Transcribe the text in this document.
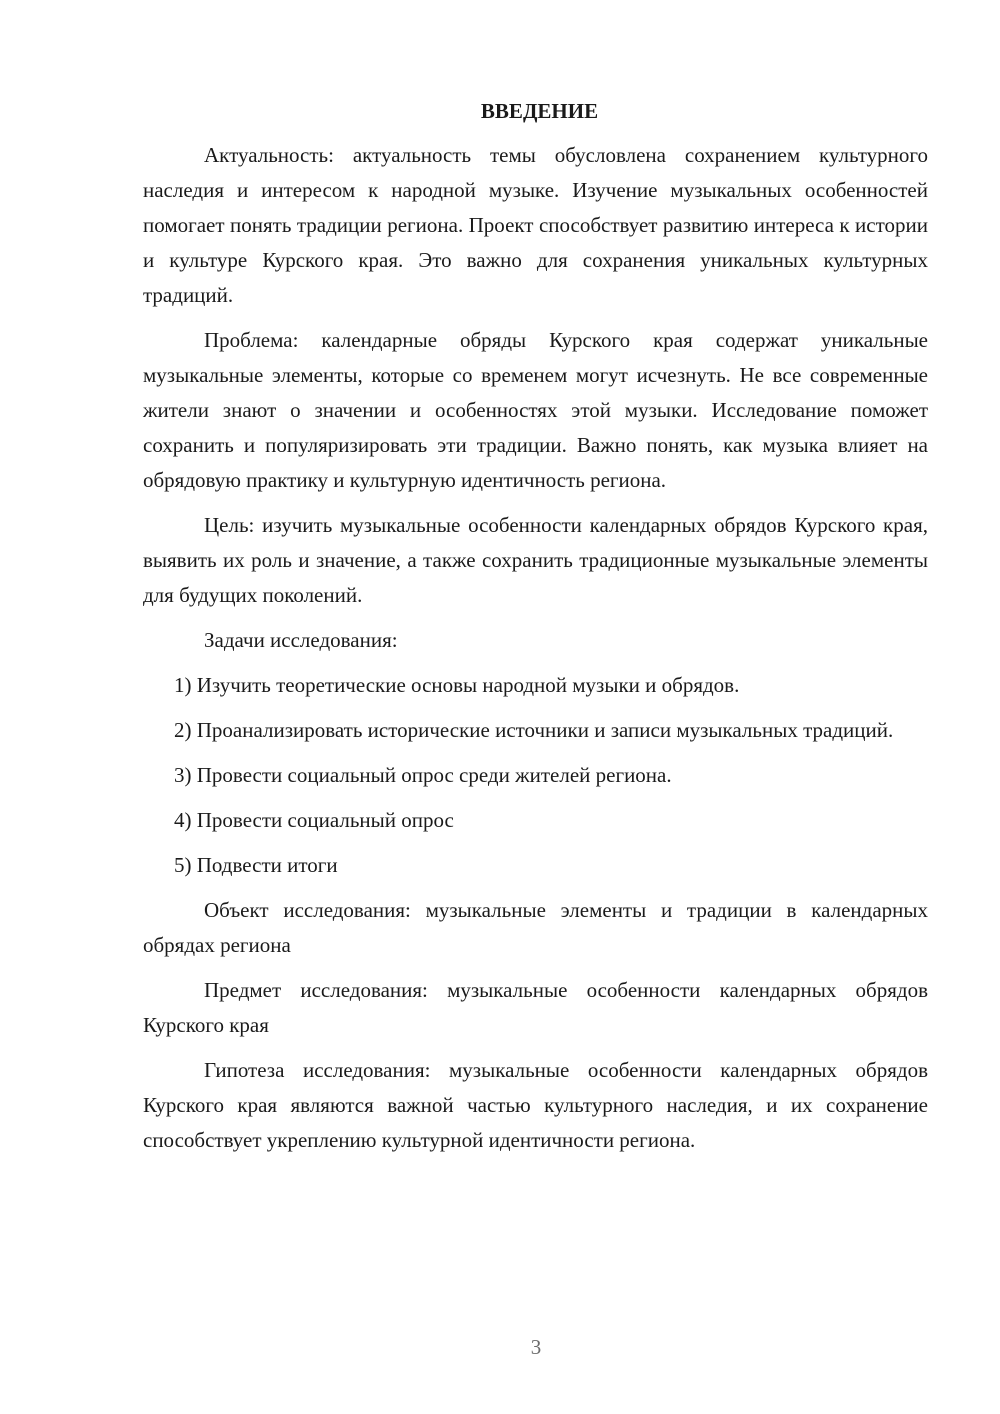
ВВЕДЕНИЕ

Актуальность: актуальность темы обусловлена сохранением культурного наследия и интересом к народной музыке. Изучение музыкальных особенностей помогает понять традиции региона. Проект способствует развитию интереса к истории и культуре Курского края. Это важно для сохранения уникальных культурных традиций.

Проблема: календарные обряды Курского края содержат уникальные музыкальные элементы, которые со временем могут исчезнуть. Не все современные жители знают о значении и особенностях этой музыки. Исследование поможет сохранить и популяризировать эти традиции. Важно понять, как музыка влияет на обрядовую практику и культурную идентичность региона.

Цель: изучить музыкальные особенности календарных обрядов Курского края, выявить их роль и значение, а также сохранить традиционные музыкальные элементы для будущих поколений.

Задачи исследования:

1) Изучить теоретические основы народной музыки и обрядов.
2) Проанализировать исторические источники и записи музыкальных традиций.
3) Провести социальный опрос среди жителей региона.
4) Провести социальный опрос
5) Подвести итоги

Объект исследования: музыкальные элементы и традиции в календарных обрядах региона

Предмет исследования: музыкальные особенности календарных обрядов Курского края

Гипотеза исследования: музыкальные особенности календарных обрядов Курского края являются важной частью культурного наследия, и их сохранение способствует укреплению культурной идентичности региона.

3
